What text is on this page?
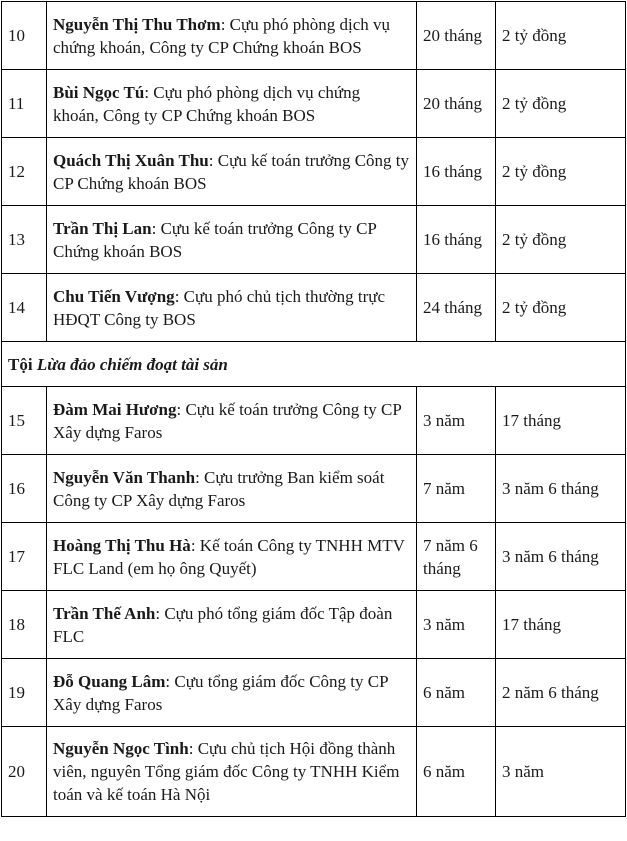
10	Nguyễn Thị Thu Thơm: Cựu phó phòng dịch vụ chứng khoán, Công ty CP Chứng khoán BOS	20 tháng	2 tỷ đồng
11	Bùi Ngọc Tú: Cựu phó phòng dịch vụ chứng khoán, Công ty CP Chứng khoán BOS	20 tháng	2 tỷ đồng
12	Quách Thị Xuân Thu: Cựu kế toán trưởng Công ty CP Chứng khoán BOS	16 tháng	2 tỷ đồng
13	Trần Thị Lan: Cựu kế toán trưởng Công ty CP Chứng khoán BOS	16 tháng	2 tỷ đồng
14	Chu Tiến Vượng: Cựu phó chủ tịch thường trực HĐQT Công ty BOS	24 tháng	2 tỷ đồng
Tội Lừa đảo chiếm đoạt tài sản			
15	Đàm Mai Hương: Cựu kế toán trưởng Công ty CP Xây dựng Faros	3 năm	17 tháng
16	Nguyễn Văn Thanh: Cựu trưởng Ban kiểm soát Công ty CP Xây dựng Faros	7 năm	3 năm 6 tháng
17	Hoàng Thị Thu Hà: Kế toán Công ty TNHH MTV FLC Land (em họ ông Quyết)	7 năm 6 tháng	3 năm 6 tháng
18	Trần Thế Anh: Cựu phó tổng giám đốc Tập đoàn FLC	3 năm	17 tháng
19	Đỗ Quang Lâm: Cựu tổng giám đốc Công ty CP Xây dựng Faros	6 năm	2 năm 6 tháng
20	Nguyễn Ngọc Tình: Cựu chủ tịch Hội đồng thành viên, nguyên Tổng giám đốc Công ty TNHH Kiểm toán và kế toán Hà Nội	6 năm	3 năm
